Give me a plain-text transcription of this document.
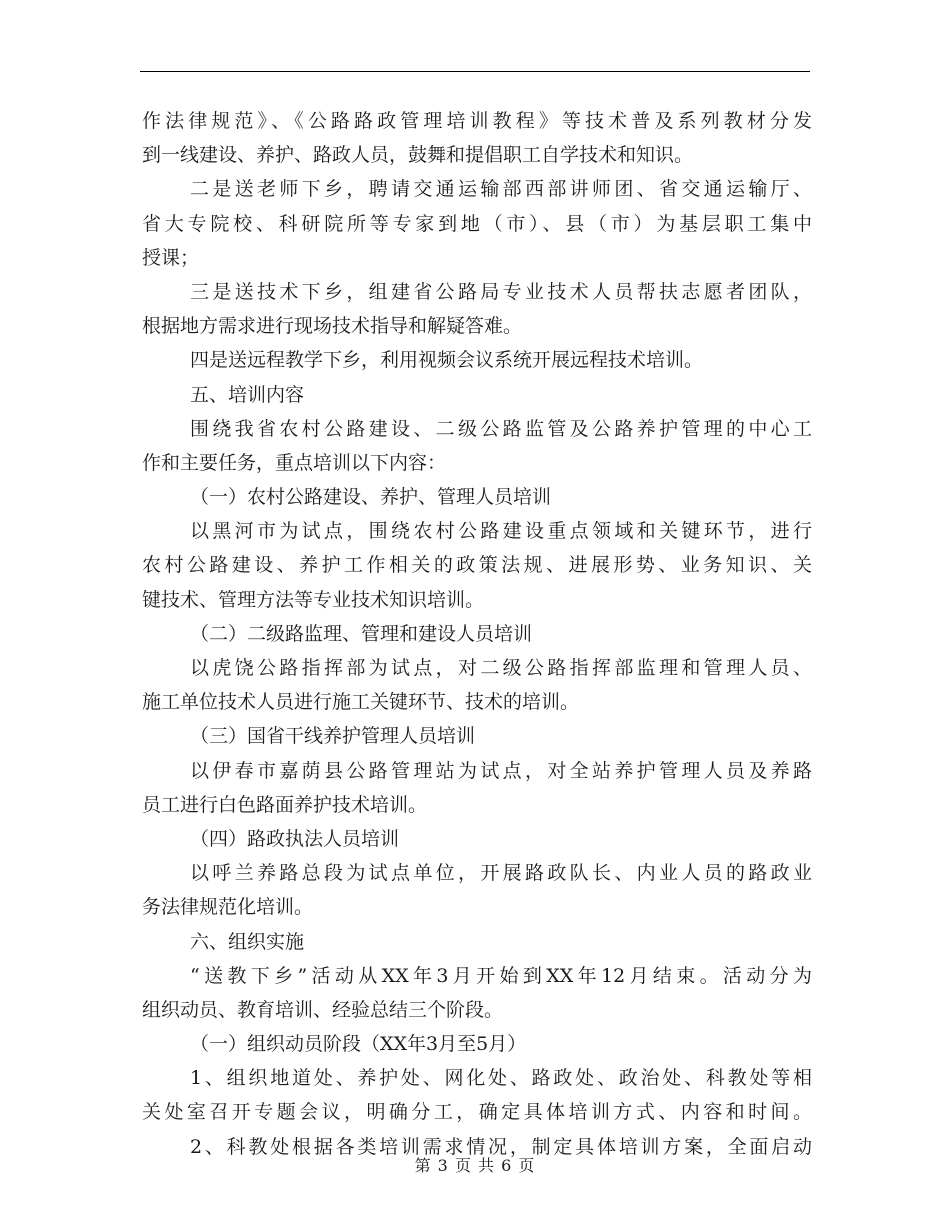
作法律规范》、《公路路政管理培训教程》等技术普及系列教材分发
到一线建设、养护、路政人员，鼓舞和提倡职工自学技术和知识。
二是送老师下乡，聘请交通运输部西部讲师团、省交通运输厅、
省大专院校、科研院所等专家到地（市）、县（市）为基层职工集中
授课；
三是送技术下乡，组建省公路局专业技术人员帮扶志愿者团队，
根据地方需求进行现场技术指导和解疑答难。
四是送远程教学下乡，利用视频会议系统开展远程技术培训。
五、培训内容
围绕我省农村公路建设、二级公路监管及公路养护管理的中心工
作和主要任务，重点培训以下内容：
（一）农村公路建设、养护、管理人员培训
以黑河市为试点，围绕农村公路建设重点领域和关键环节，进行
农村公路建设、养护工作相关的政策法规、进展形势、业务知识、关
键技术、管理方法等专业技术知识培训。
（二）二级路监理、管理和建设人员培训
以虎饶公路指挥部为试点，对二级公路指挥部监理和管理人员、
施工单位技术人员进行施工关键环节、技术的培训。
（三）国省干线养护管理人员培训
以伊春市嘉荫县公路管理站为试点，对全站养护管理人员及养路
员工进行白色路面养护技术培训。
（四）路政执法人员培训
以呼兰养路总段为试点单位，开展路政队长、内业人员的路政业
务法律规范化培训。
六、组织实施
“送教下乡”活动从XX年3月开始到XX年12月结束。活动分为
组织动员、教育培训、经验总结三个阶段。
（一）组织动员阶段（XX年3月至5月）
1、组织地道处、养护处、网化处、路政处、政治处、科教处等相
关处室召开专题会议，明确分工，确定具体培训方式、内容和时间。
2、科教处根据各类培训需求情况，制定具体培训方案，全面启动
第 3 页 共 6 页
